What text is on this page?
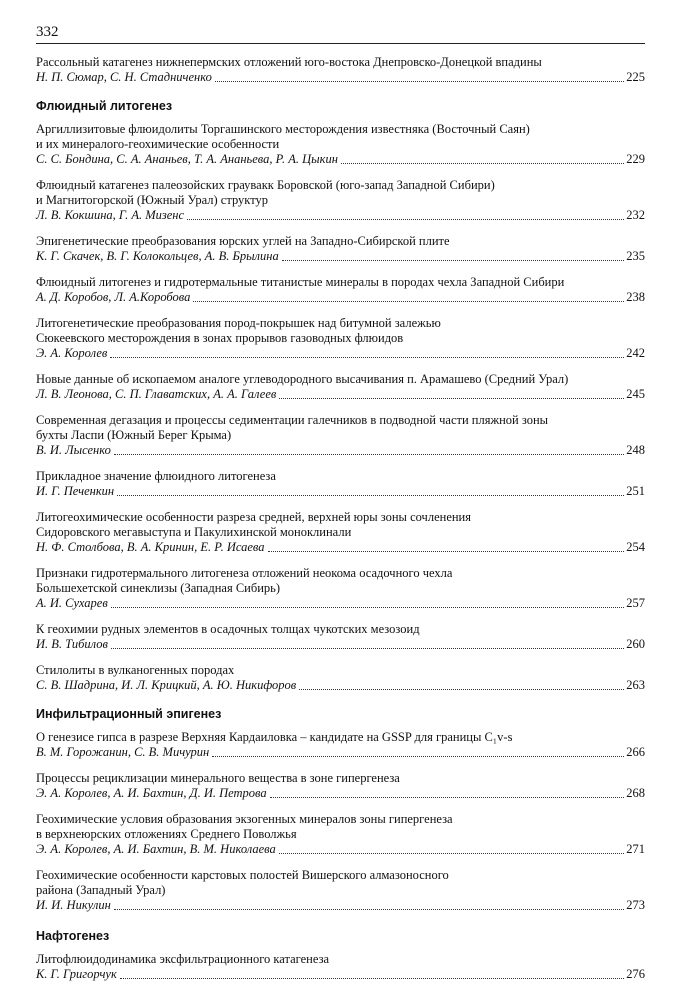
332
Рассольный катагенез нижнепермских отложений юго-востока Днепровско-Донецкой впадины
Н. П. Сюмар, С. Н. Стадниченко	225
Флюидный литогенез
Аргиллизитовые флюидолиты Торгашинского месторождения известняка (Восточный Саян)
и их минералого-геохимические особенности
С. С. Бондина, С. А. Ананьев, Т. А. Ананьева, Р. А. Цыкин	229
Флюидный катагенез палеозойских граувакк Боровской (юго-запад Западной Сибири)
и Магнитогорской (Южный Урал) структур
Л. В. Кокшина, Г. А. Мизенс	232
Эпигенетические преобразования юрских углей на Западно-Сибирской плите
К. Г. Скачек, В. Г. Колокольцев, А. В. Брылина	235
Флюидный литогенез и гидротермальные титанистые минералы в породах чехла Западной Сибири
А. Д. Коробов, Л. А.Коробова	238
Литогенетические преобразования пород-покрышек над битумной залежью
Сюкеевского месторождения в зонах прорывов газоводных флюидов
Э. А. Королев	242
Новые данные об ископаемом аналоге углеводородного высачивания п. Арамашево (Средний Урал)
Л. В. Леонова, С. П. Главатских, А. А. Галеев	245
Современная дегазация и процессы седиментации галечников в подводной части пляжной зоны
бухты Ласпи (Южный Берег Крыма)
В. И. Лысенко	248
Прикладное значение флюидного литогенеза
И. Г. Печенкин	251
Литогеохимические особенности разреза средней, верхней юры зоны сочленения
Сидоровского мегавыступа и Пакулихинской моноклинали
Н. Ф. Столбова, В. А. Кринин, Е. Р. Исаева	254
Признаки гидротермального литогенеза отложений неокома осадочного чехла
Большехетской синеклизы (Западная Сибирь)
А. И. Сухарев	257
К геохимии рудных элементов в осадочных толщах чукотских мезозоид
И. В. Тибилов	260
Стилолиты в вулканогенных породах
С. В. Шадрина, И. Л. Крицкий, А. Ю. Никифоров	263
Инфильтрационный эпигенез
О генезисе гипса в разрезе Верхняя Кардаиловка – кандидате на GSSP для границы C₁v-s
В. М. Горожанин, С. В. Мичурин	266
Процессы рециклизации минерального вещества в зоне гипергенеза
Э. А. Королев, А. И. Бахтин, Д. И. Петрова	268
Геохимические условия образования экзогенных минералов зоны гипергенеза
в верхнеюрских отложениях Среднего Поволжья
Э. А. Королев, А. И. Бахтин, В. М. Николаева	271
Геохимические особенности карстовых полостей Вишерского алмазоносного
района (Западный Урал)
И. И. Никулин	273
Нафтогенез
Литофлюидодинамика эксфильтрационного катагенеза
К. Г. Григорчук	276
